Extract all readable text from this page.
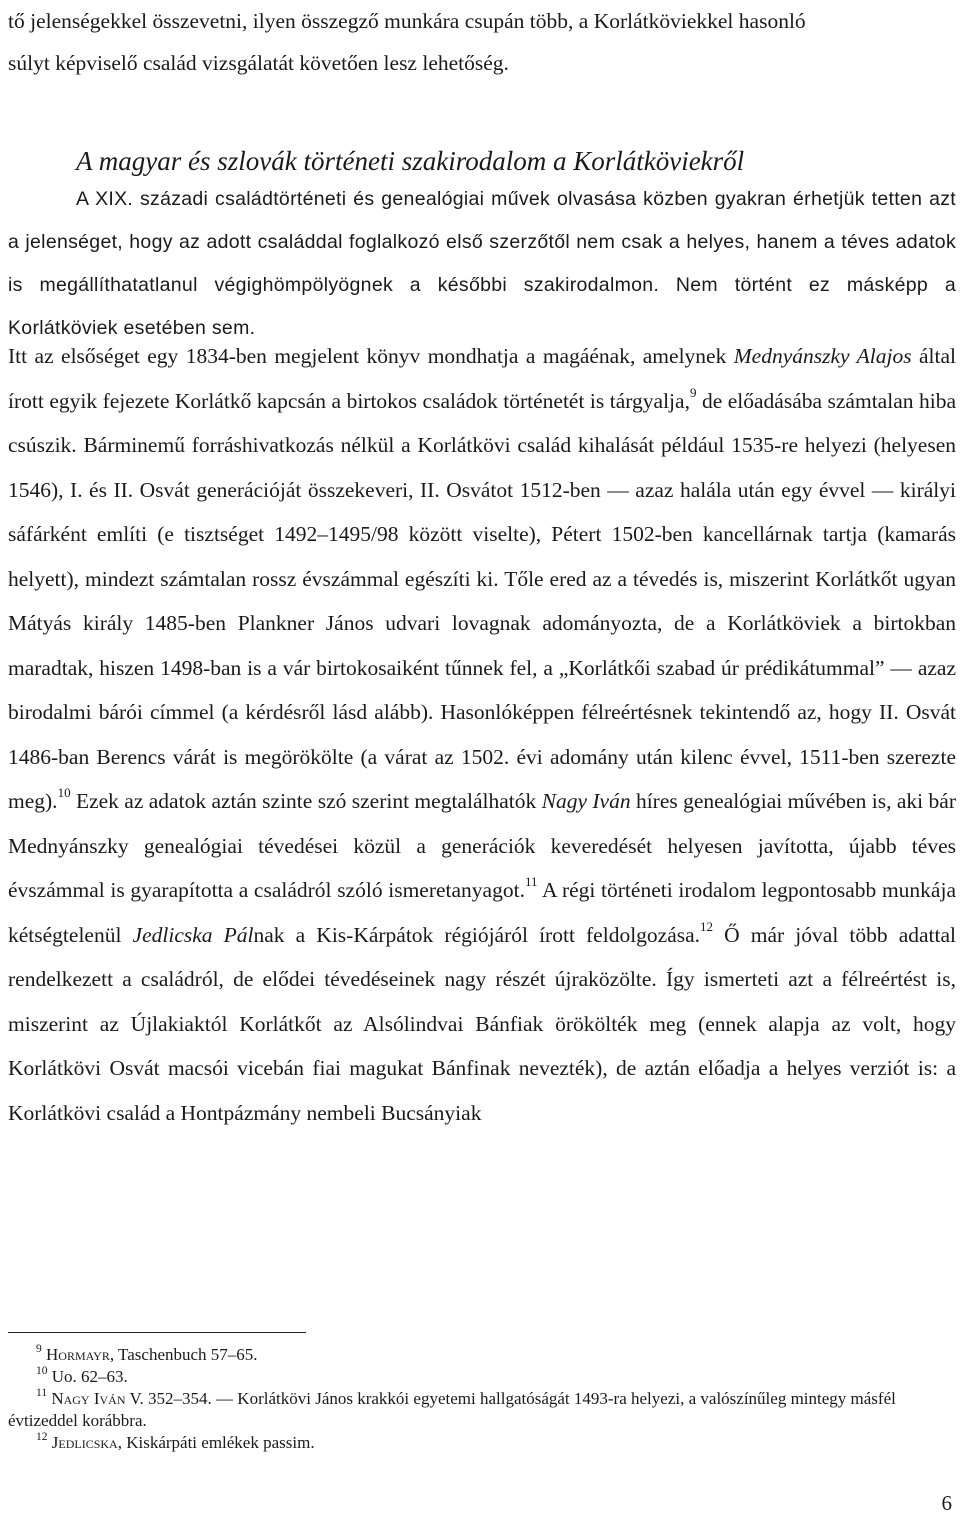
tő jelenségekkel összevetni, ilyen összegző munkára csupán több, a Korlátköviekkel hasonló
súlyt képviselő család vizsgálatát követően lesz lehetőség.
A magyar és szlovák történeti szakirodalom a Korlátköviekről

A XIX. századi családtörténeti és genealógiai művek olvasása közben gyakran érhetjük tetten azt a jelenséget, hogy az adott családdal foglalkozó első szerzőtől nem csak a helyes, hanem a téves adatok is megállíthatatlanul végighömpölyögnek a későbbi szakirodalmon. Nem történt ez másképp a Korlátköviek esetében sem.

Itt az elsőséget egy 1834-ben megjelent könyv mondhatja a magáénak, amelynek Mednyánszky Alajos által írott egyik fejezete Korlátkő kapcsán a birtokos családok történetét is tárgyalja,$^9$ de előadásába számtalan hiba csúszik. Bárminemű forráshivatkozás nélkül a Korlátkövi család kihalását például 1535-re helyezi (helyesen 1546), I. és II. Osvát generációját összekeveri, II. Osvátot 1512-ben — azaz halála után egy évvel — királyi sáfárként említi (e tisztséget 1492–1495/98 között viselte), Pétert 1502-ben kancellárnak tartja (kamarás helyett), mindezt számtalan rossz évszámmal egészíti ki. Tőle ered az a tévedés is, miszerint Korlátkőt ugyan Mátyás király 1485-ben Plankner János udvari lovagnak adományozta, de a Korlátköviek a birtokban maradtak, hiszen 1498-ban is a vár birtokosaiként tűnnek fel, a „Korlátkői szabad úr prédikátummal” — azaz birodalmi bárói címmel (a kérdésről lásd alább). Hasonlóképpen félreértésnek tekintendő az, hogy II. Osvát 1486-ban Berencs várát is megörökölte (a várat az 1502. évi adomány után kilenc évvel, 1511-ben szerezte meg).$^{10}$ Ezek az adatok aztán szinte szó szerint megtalálhatók Nagy Iván híres genealógiai művében is, aki bár Mednyánszky genealógiai tévedései közül a generációk keveredését helyesen javította, újabb téves évszámmal is gyarapította a családról szóló ismeretanyagot.$^{11}$ A régi történeti irodalom legpontosabb munkája kétségtelenül Jedlicska Pálnak a Kis-Kárpátok régiójáról írott feldolgozása.$^{12}$ Ő már jóval több adattal rendelkezett a családról, de elődei tévedéseinek nagy részét újraközölte. Így ismerteti azt a félreértést is, miszerint az Újlakiaktól Korlátkőt az Alsólindvai Bánfiak örökölték meg (ennek alapja az volt, hogy Korlátkövi Osvát macsói vicebán fiai magukat Bánfinak nevezték), de aztán előadja a helyes verziót is: a Korlátkövi család a Hontpázmány nembeli Bucsányiak

$^9$ Hormayr, Taschenbuch 57–65.

$^{10}$ Uo. 62–63.

$^{11}$ Nagy Iván V. 352–354. — Korlátkövi János krakkói egyetemi hallgatóságát 1493-ra helyezi, a valószínűleg mintegy másfél évtizeddel korábbra.

$^{12}$ Jedlicska, Kiskárpáti emlékek passim.

6
